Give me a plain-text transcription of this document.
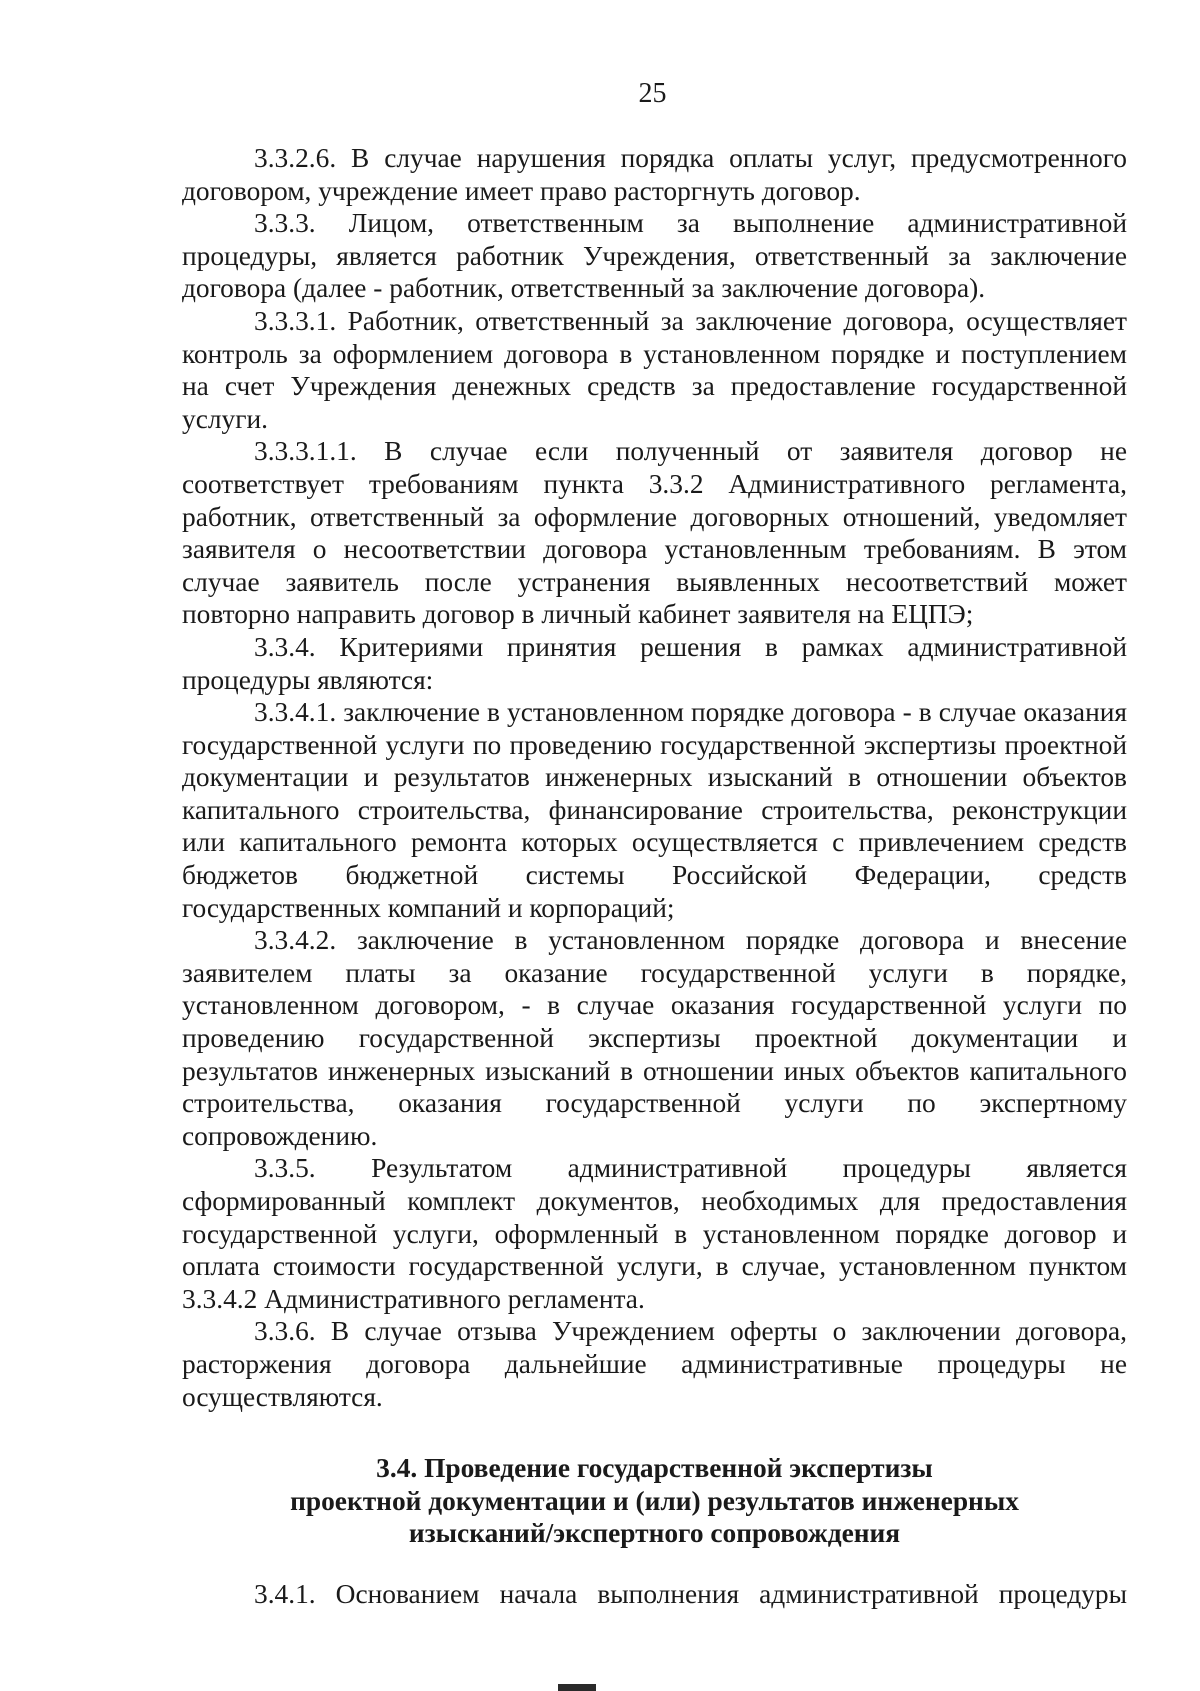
25

3.3.2.6. В случае нарушения порядка оплаты услуг, предусмотренного договором, учреждение имеет право расторгнуть договор.

3.3.3. Лицом, ответственным за выполнение административной процедуры, является работник Учреждения, ответственный за заключение договора (далее - работник, ответственный за заключение договора).

3.3.3.1. Работник, ответственный за заключение договора, осуществляет контроль за оформлением договора в установленном порядке и поступлением на счет Учреждения денежных средств за предоставление государственной услуги.

3.3.3.1.1. В случае если полученный от заявителя договор не соответствует требованиям пункта 3.3.2 Административного регламента, работник, ответственный за оформление договорных отношений, уведомляет заявителя о несоответствии договора установленным требованиям. В этом случае заявитель после устранения выявленных несоответствий может повторно направить договор в личный кабинет заявителя на ЕЦПЭ;

3.3.4. Критериями принятия решения в рамках административной процедуры являются:

3.3.4.1. заключение в установленном порядке договора - в случае оказания государственной услуги по проведению государственной экспертизы проектной документации и результатов инженерных изысканий в отношении объектов капитального строительства, финансирование строительства, реконструкции или капитального ремонта которых осуществляется с привлечением средств бюджетов бюджетной системы Российской Федерации, средств государственных компаний и корпораций;

3.3.4.2. заключение в установленном порядке договора и внесение заявителем платы за оказание государственной услуги в порядке, установленном договором, - в случае оказания государственной услуги по проведению государственной экспертизы проектной документации и результатов инженерных изысканий в отношении иных объектов капитального строительства, оказания государственной услуги по экспертному сопровождению.

3.3.5. Результатом административной процедуры является сформированный комплект документов, необходимых для предоставления государственной услуги, оформленный в установленном порядке договор и оплата стоимости государственной услуги, в случае, установленном пунктом 3.3.4.2 Административного регламента.

3.3.6. В случае отзыва Учреждением оферты о заключении договора, расторжения договора дальнейшие административные процедуры не осуществляются.

3.4. Проведение государственной экспертизы
проектной документации и (или) результатов инженерных
изысканий/экспертного сопровождения

3.4.1. Основанием начала выполнения административной процедуры
